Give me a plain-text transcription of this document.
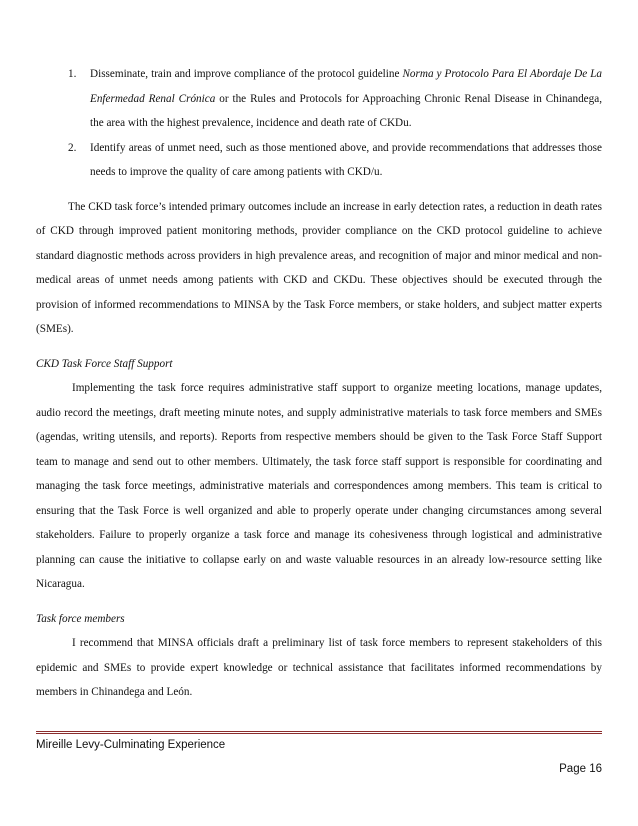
1. Disseminate, train and improve compliance of the protocol guideline Norma y Protocolo Para El Abordaje De La Enfermedad Renal Crónica or the Rules and Protocols for Approaching Chronic Renal Disease in Chinandega, the area with the highest prevalence, incidence and death rate of CKDu.
2. Identify areas of unmet need, such as those mentioned above, and provide recommendations that addresses those needs to improve the quality of care among patients with CKD/u.

The CKD task force’s intended primary outcomes include an increase in early detection rates, a reduction in death rates of CKD through improved patient monitoring methods, provider compliance on the CKD protocol guideline to achieve standard diagnostic methods across providers in high prevalence areas, and recognition of major and minor medical and non-medical areas of unmet needs among patients with CKD and CKDu. These objectives should be executed through the provision of informed recommendations to MINSA by the Task Force members, or stake holders, and subject matter experts (SMEs).

CKD Task Force Staff Support

Implementing the task force requires administrative staff support to organize meeting locations, manage updates, audio record the meetings, draft meeting minute notes, and supply administrative materials to task force members and SMEs (agendas, writing utensils, and reports). Reports from respective members should be given to the Task Force Staff Support team to manage and send out to other members. Ultimately, the task force staff support is responsible for coordinating and managing the task force meetings, administrative materials and correspondences among members. This team is critical to ensuring that the Task Force is well organized and able to properly operate under changing circumstances among several stakeholders. Failure to properly organize a task force and manage its cohesiveness through logistical and administrative planning can cause the initiative to collapse early on and waste valuable resources in an already low-resource setting like Nicaragua.

Task force members

I recommend that MINSA officials draft a preliminary list of task force members to represent stakeholders of this epidemic and SMEs to provide expert knowledge or technical assistance that facilitates informed recommendations by members in Chinandega and León.

Mireille Levy-Culminating Experience
Page 16
